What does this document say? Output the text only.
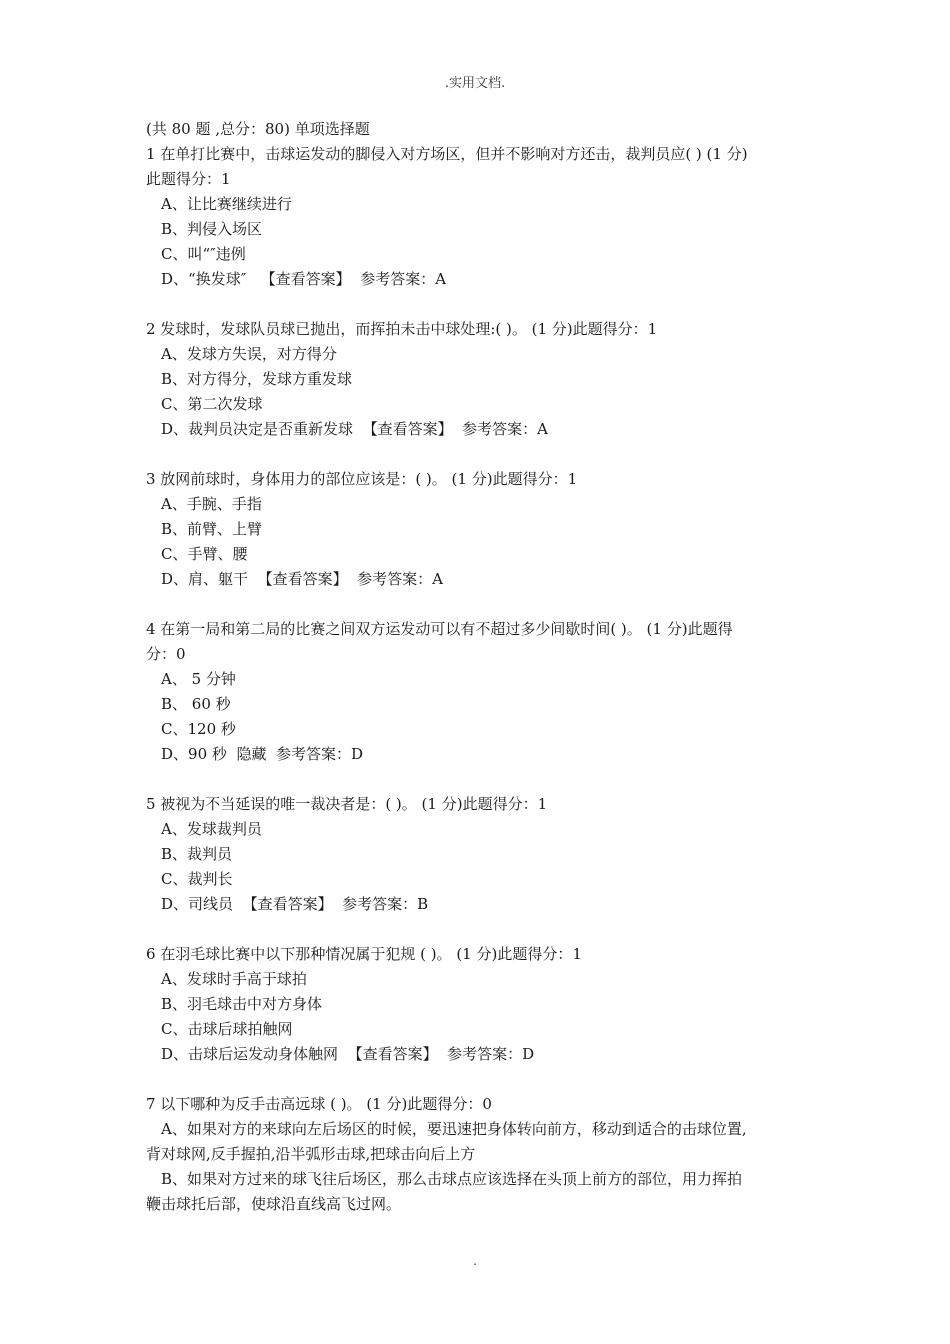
.实用文档.
(共 80 题 ,总分：80) 单项选择题
1 在单打比赛中，击球运发动的脚侵入对方场区，但并不影响对方还击，裁判员应( ) (1 分)
此题得分：1
A、让比赛继续进行
B、判侵入场区
C、叫“″违例
D、“换发球″ 【查看答案】 参考答案：A
2 发球时，发球队员球已抛出，而挥拍未击中球处理:( )。 (1 分)此题得分：1
A、发球方失误，对方得分
B、对方得分，发球方重发球
C、第二次发球
D、裁判员决定是否重新发球 【查看答案】 参考答案：A
3 放网前球时，身体用力的部位应该是：( )。 (1 分)此题得分：1
A、手腕、手指
B、前臂、上臂
C、手臂、腰
D、肩、躯干 【查看答案】 参考答案：A
4 在第一局和第二局的比赛之间双方运发动可以有不超过多少间歇时间( )。 (1 分)此题得
分：0
A、 5 分钟
B、 60 秒
C、120 秒
D、90 秒 隐藏 参考答案：D
5 被视为不当延误的唯一裁决者是：( )。 (1 分)此题得分：1
A、发球裁判员
B、裁判员
C、裁判长
D、司线员 【查看答案】 参考答案：B
6 在羽毛球比赛中以下那种情况属于犯规 ( )。 (1 分)此题得分：1
A、发球时手高于球拍
B、羽毛球击中对方身体
C、击球后球拍触网
D、击球后运发动身体触网 【查看答案】 参考答案：D
7 以下哪种为反手击高远球 ( )。 (1 分)此题得分：0
A、如果对方的来球向左后场区的时候，要迅速把身体转向前方，移动到适合的击球位置,
背对球网,反手握拍,沿半弧形击球,把球击向后上方
B、如果对方过来的球飞往后场区，那么击球点应该选择在头顶上前方的部位，用力挥拍
鞭击球托后部，使球沿直线高飞过网。
.
